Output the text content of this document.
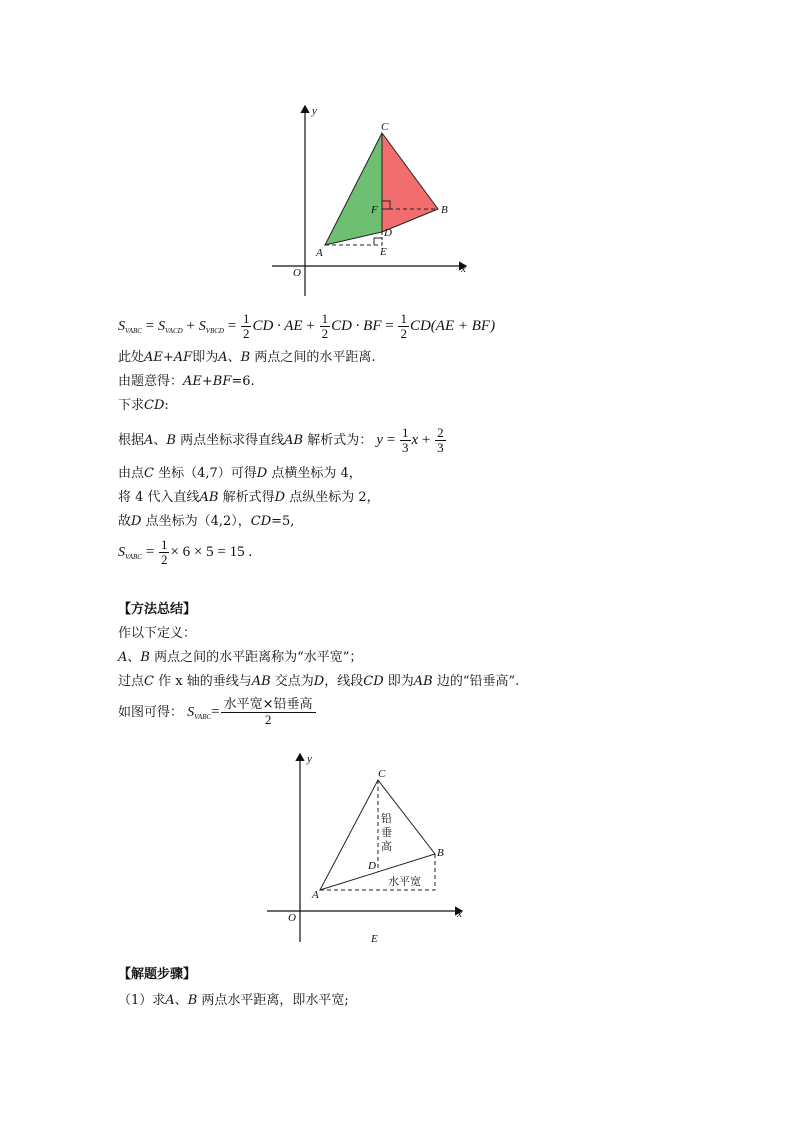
y
x
O
C
B
F
D
A	E
$S_{VABC} = S_{VACD} + S_{VBCD} = \frac{1}{2}$ CD · AE + $\frac{1}{2}$ CD · BF = $\frac{1}{2} CD(AE + BF)$
此处AE+AF即为A、B 两点之间的水平距离.
由题意得：AE+BF=6.
下求CD:
根据A、B 两点坐标求得直线AB 解析式为： $y = \frac{1}{3}$ $x + \frac{2}{3}$
由点C 坐标（4,7）可得D 点横坐标为 4，
将 4 代入直线AB 解析式得D 点纵坐标为 2，
故D 点坐标为（4,2），CD=5,
$S_{VABC} = \frac{1}{2} \times 6 \times 5 = 15$ .
【方法总结】
作以下定义：
A、B 两点之间的水平距离称为“水平宽”；
过点C 作 x 轴的垂线与AB 交点为D，线段CD 即为AB 边的“铅垂高”.
如图可得： $S_{VABC}= \frac{\text{水平宽×铅垂高}}{2}$
y
x
O
C
B
D
A
E
铅
垂
高
水平宽
【解题步骤】
（1）求A、B 两点水平距离，即水平宽;
